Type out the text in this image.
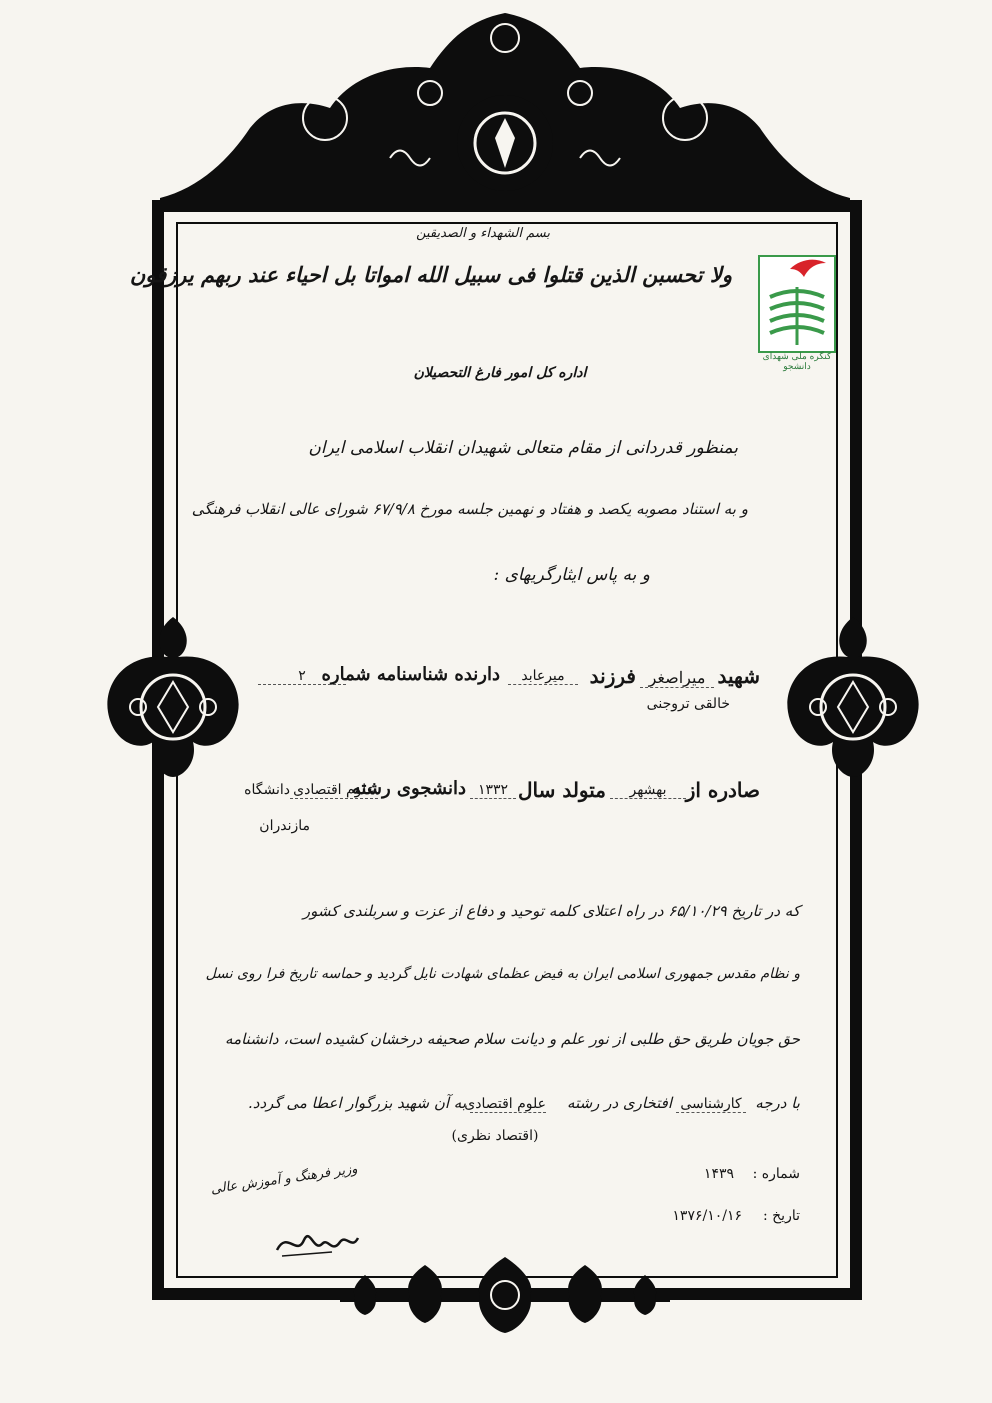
کنگره ملی شهدای دانشجو
بسم الشهداء و الصديقين
ولا تحسبن الذین قتلوا فی سبیل الله امواتا بل احیاء عند ربهم یرزقون
اداره کل امور فارغ التحصیلان
بمنظور قدردانی از مقام متعالی شهیدان انقلاب اسلامی ایران
و به استناد مصوبه یکصد و هفتاد و نهمین جلسه مورخ ۶۷/۹/۸ شورای عالی انقلاب فرهنگی
و به پاس ایثارگریهای :
شهید
میراصغر
فرزند
میرعابد
دارنده شناسنامه شماره
۲
خالقی تروجنی
صادره از
بهشهر
متولد سال
۱۳۳۲
دانشجوی رشته
علوم اقتصادی
دانشگاه
مازندران
که در تاریخ ۶۵/۱۰/۲۹ در راه اعتلای کلمه توحید و دفاع از عزت و سربلندی کشور
و نظام مقدس جمهوری اسلامی ایران به فیض عظمای شهادت نایل گردید و حماسه تاریخ فرا روی نسل
حق جویان طریق حق طلبی از نور علم و دیانت سلام صحیفه درخشان کشیده است، دانشنامه
با درجه
کارشناسی
افتخاری در رشته
علوم اقتصادی
به آن شهید بزرگوار اعطا می گردد.
(اقتصاد نظری)
شماره :
۱۴۳۹
تاریخ :
۱۳۷۶/۱۰/۱۶
وزیر فرهنگ و آموزش عالی
